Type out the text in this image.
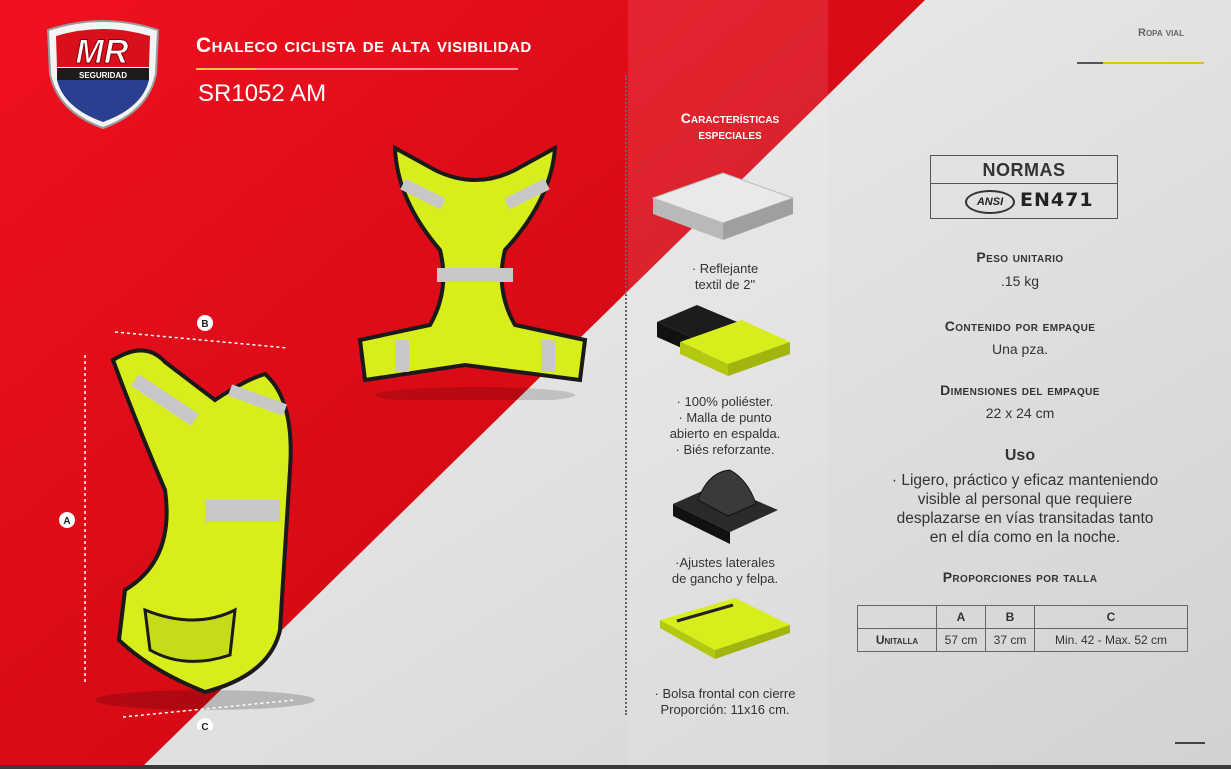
MR
SEGURIDAD
Chaleco ciclista de alta visibilidad
SR1052 AM
Ropa vial
B
A
C
Características
especiales
· Reflejante
textil de 2"
· 100% poliéster.
· Malla de punto
abierto en espalda.
· Biés reforzante.
·Ajustes laterales
de gancho y felpa.
· Bolsa frontal con cierre
Proporción: 11x16 cm.
NORMAS
ANSI EN471
Peso unitario
.15 kg
Contenido por empaque
Una pza.
Dimensiones del empaque
22 x 24 cm
Uso
· Ligero, práctico y eficaz manteniendo
visible al personal que requiere
desplazarse en vías transitadas tanto
en el día como en la noche.
Proporciones por talla
	A	B	C
Unitalla	57 cm	37 cm	Min. 42 - Max. 52 cm
